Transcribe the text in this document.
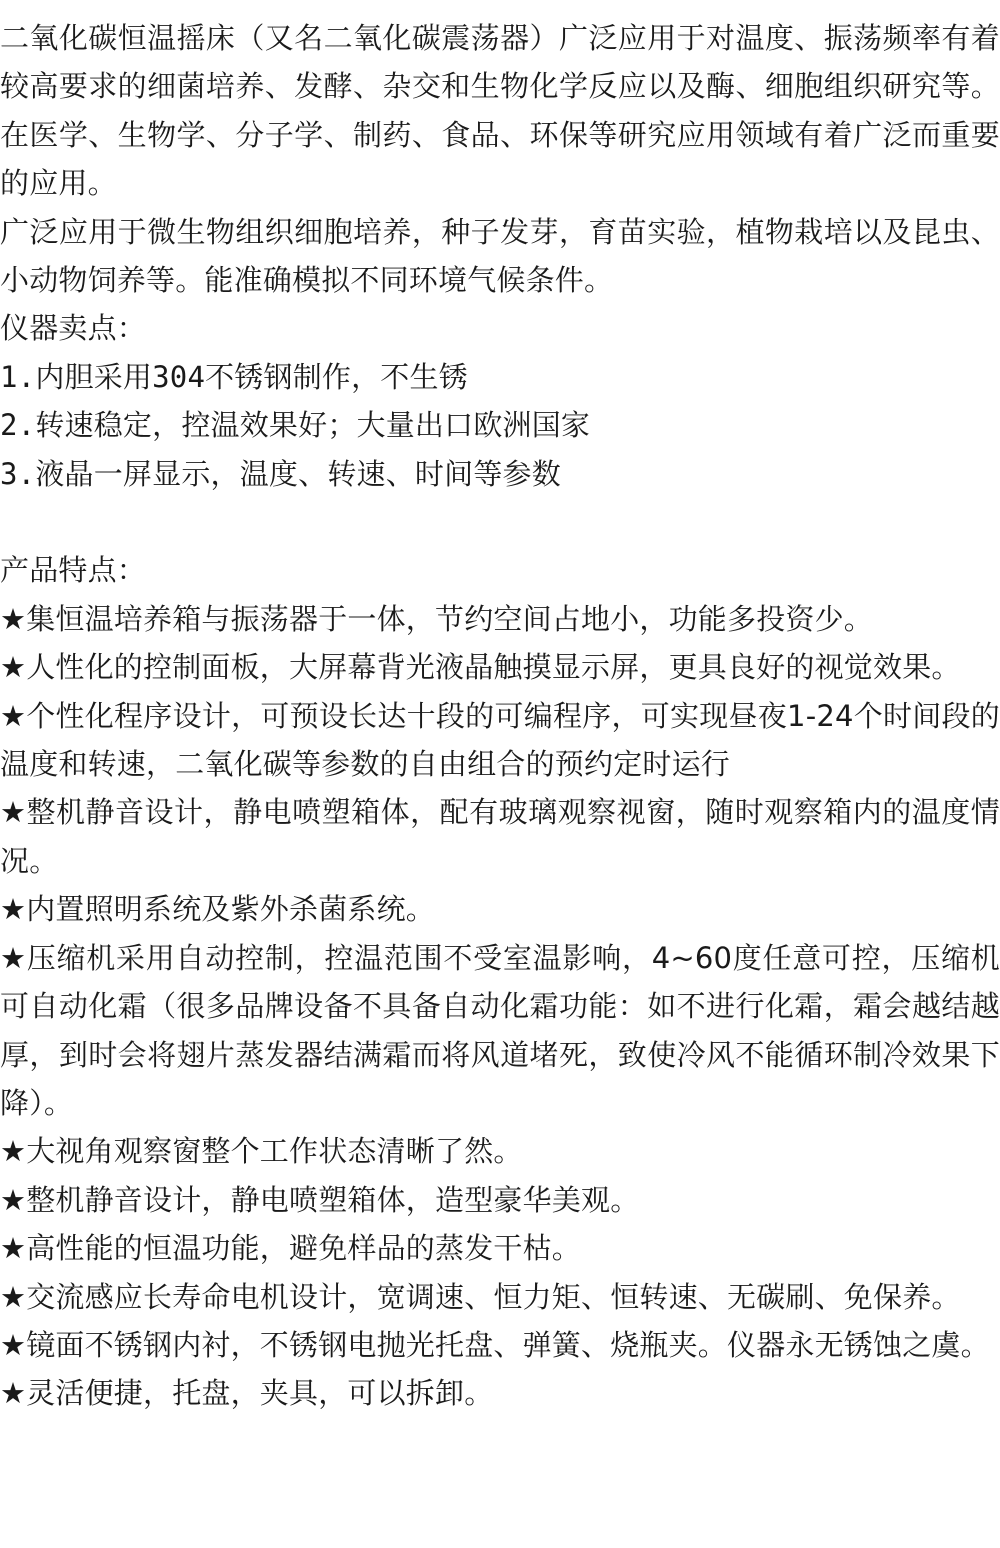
二氧化碳恒温摇床（又名二氧化碳震荡器）广泛应用于对温度、振荡频率有着较高要求的细菌培养、发酵、杂交和生物化学反应以及酶、细胞组织研究等。在医学、生物学、分子学、制药、食品、环保等研究应用领域有着广泛而重要的应用。

广泛应用于微生物组织细胞培养，种子发芽，育苗实验，植物栽培以及昆虫、小动物饲养等。能准确模拟不同环境气候条件。

仪器卖点：

1.内胆采用304不锈钢制作，不生锈

2.转速稳定，控温效果好；大量出口欧洲国家

3.液晶一屏显示，温度、转速、时间等参数

产品特点：

★集恒温培养箱与振荡器于一体，节约空间占地小，功能多投资少。

★人性化的控制面板，大屏幕背光液晶触摸显示屏，更具良好的视觉效果。

★个性化程序设计，可预设长达十段的可编程序，可实现昼夜1-24个时间段的温度和转速，二氧化碳等参数的自由组合的预约定时运行

★整机静音设计，静电喷塑箱体，配有玻璃观察视窗，随时观察箱内的温度情况。

★内置照明系统及紫外杀菌系统。

★压缩机采用自动控制，控温范围不受室温影响，4~60度任意可控，压缩机可自动化霜（很多品牌设备不具备自动化霜功能：如不进行化霜，霜会越结越厚，到时会将翅片蒸发器结满霜而将风道堵死，致使冷风不能循环制冷效果下降）。

★大视角观察窗整个工作状态清晰了然。

★整机静音设计，静电喷塑箱体，造型豪华美观。

★高性能的恒温功能，避免样品的蒸发干枯。

★交流感应长寿命电机设计，宽调速、恒力矩、恒转速、无碳刷、免保养。

★镜面不锈钢内衬，不锈钢电抛光托盘、弹簧、烧瓶夹。仪器永无锈蚀之虞。

★灵活便捷，托盘，夹具，可以拆卸。
